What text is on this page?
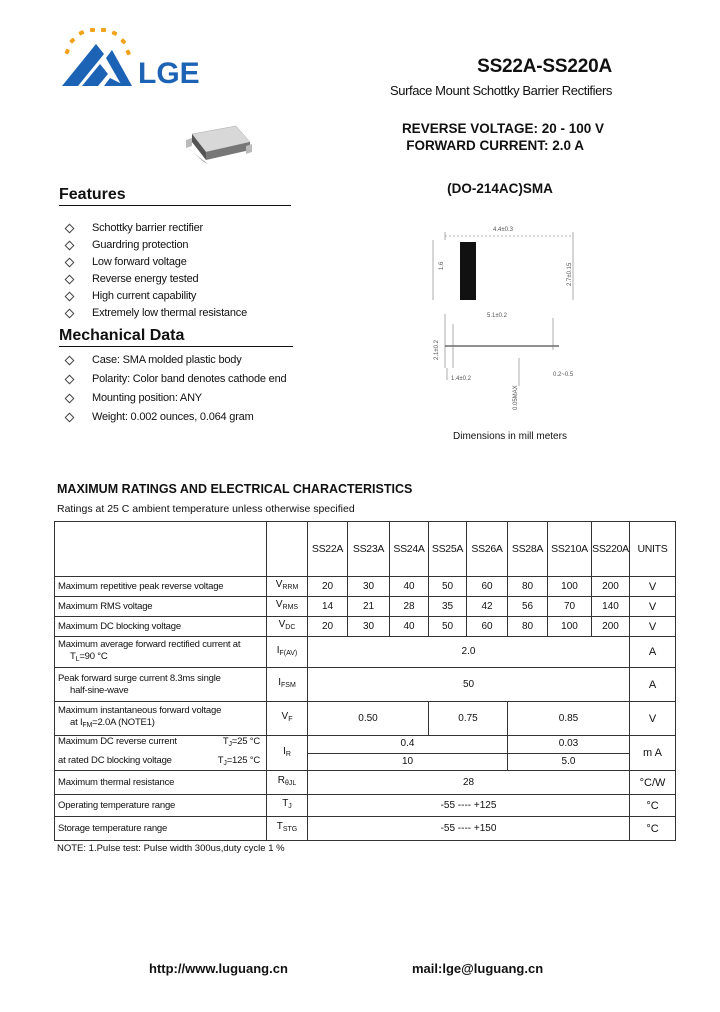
LGE	SS22A-SS220A
Surface Mount Schottky Barrier Rectifiers
REVERSE VOLTAGE: 20 - 100 V
FORWARD CURRENT: 2.0 A
(DO-214AC)SMA
Features
Schottky barrier rectifier
Guardring protection
Low forward voltage
Reverse energy tested
High current capability
Extremely low thermal resistance
Mechanical Data
Case: SMA molded plastic body
Polarity: Color band denotes cathode end
Mounting position: ANY
Weight: 0.002 ounces, 0.064 gram
4.4±0.3
5.1±0.2
1.4±0.2
0.2~0.5
1.6	2.7±0.15
2.1±0.2
0.05MAX
Dimensions in mill meters
MAXIMUM RATINGS AND ELECTRICAL CHARACTERISTICS
Ratings at 25 C ambient temperature unless otherwise specified
		SS22A	SS23A	SS24A	SS25A	SS26A	SS28A	SS210A	SS220A	UNITS
Maximum repetitive peak reverse voltage	$V_{RRM}$	20	30	40	50	60	80	100	200	V
Maximum RMS voltage	$V_{RMS}$	14	21	28	35	42	56	70	140	V
Maximum DC blocking voltage	$V_{DC}$	20	30	40	50	60	80	100	200	V

Maximum average forward rectified current at
$T_L=90$ °C	$I_{F(AV)}$	2.0								A

Peak forward surge current 8.3ms single
half-sine-wave	$I_{FSM}$	50								A

Maximum instantaneous forward voltage
at $I_{FM}=2.0A$ (NOTE1)	$V_F$	0.50			0.75		0.85			V

Maximum DC reverse current $T_J=25$ °C
at rated DC blocking voltage $T_J=125$ °C	$I_R$	0.4					0.03			m A
		10					5.0			
Maximum thermal resistance	$R_{\theta JL}$	28								°C/W
Operating temperature range	$T_J$	-55 ---- +125								°C
Storage temperature range	$T_{STG}$	-55 ---- +150								°C
NOTE: 1.Pulse test: Pulse width 300us,duty cycle 1 %
http://www.luguang.cn	mail:lge@luguang.cn
